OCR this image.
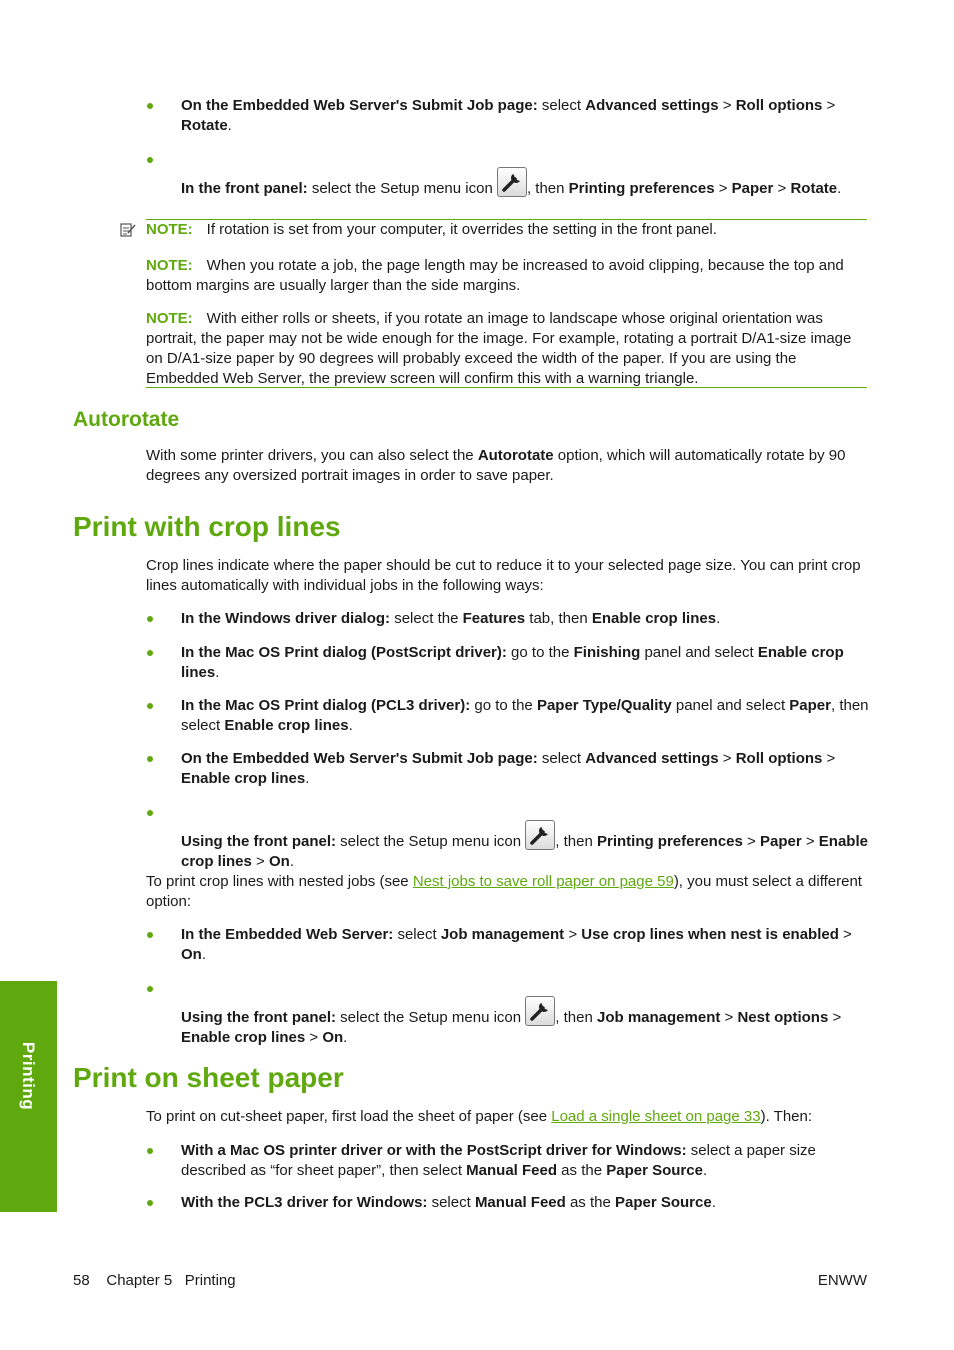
On the Embedded Web Server's Submit Job page: select Advanced settings > Roll options > Rotate.
In the front panel: select the Setup menu icon
, then Printing preferences > Paper > Rotate.
NOTE: If rotation is set from your computer, it overrides the setting in the front panel.
NOTE: When you rotate a job, the page length may be increased to avoid clipping, because the top and bottom margins are usually larger than the side margins.
NOTE: With either rolls or sheets, if you rotate an image to landscape whose original orientation was portrait, the paper may not be wide enough for the image. For example, rotating a portrait D/A1-size image on D/A1-size paper by 90 degrees will probably exceed the width of the paper. If you are using the Embedded Web Server, the preview screen will confirm this with a warning triangle.
Autorotate
With some printer drivers, you can also select the Autorotate option, which will automatically rotate by 90 degrees any oversized portrait images in order to save paper.
Print with crop lines
Crop lines indicate where the paper should be cut to reduce it to your selected page size. You can print crop lines automatically with individual jobs in the following ways:
In the Windows driver dialog: select the Features tab, then Enable crop lines.
In the Mac OS Print dialog (PostScript driver): go to the Finishing panel and select Enable crop lines.
In the Mac OS Print dialog (PCL3 driver): go to the Paper Type/Quality panel and select Paper, then select Enable crop lines.
On the Embedded Web Server's Submit Job page: select Advanced settings > Roll options > Enable crop lines.
Using the front panel: select the Setup menu icon
, then Printing preferences > Paper > Enable crop lines > On.
To print crop lines with nested jobs (see Nest jobs to save roll paper on page 59), you must select a different option:
In the Embedded Web Server: select Job management > Use crop lines when nest is enabled > On.
Using the front panel: select the Setup menu icon
, then Job management > Nest options > Enable crop lines > On.
Print on sheet paper
To print on cut-sheet paper, first load the sheet of paper (see Load a single sheet on page 33). Then:
With a Mac OS printer driver or with the PostScript driver for Windows: select a paper size described as “for sheet paper”, then select Manual Feed as the Paper Source.
With the PCL3 driver for Windows: select Manual Feed as the Paper Source.
Printing
58 Chapter 5 Printing	ENWW
